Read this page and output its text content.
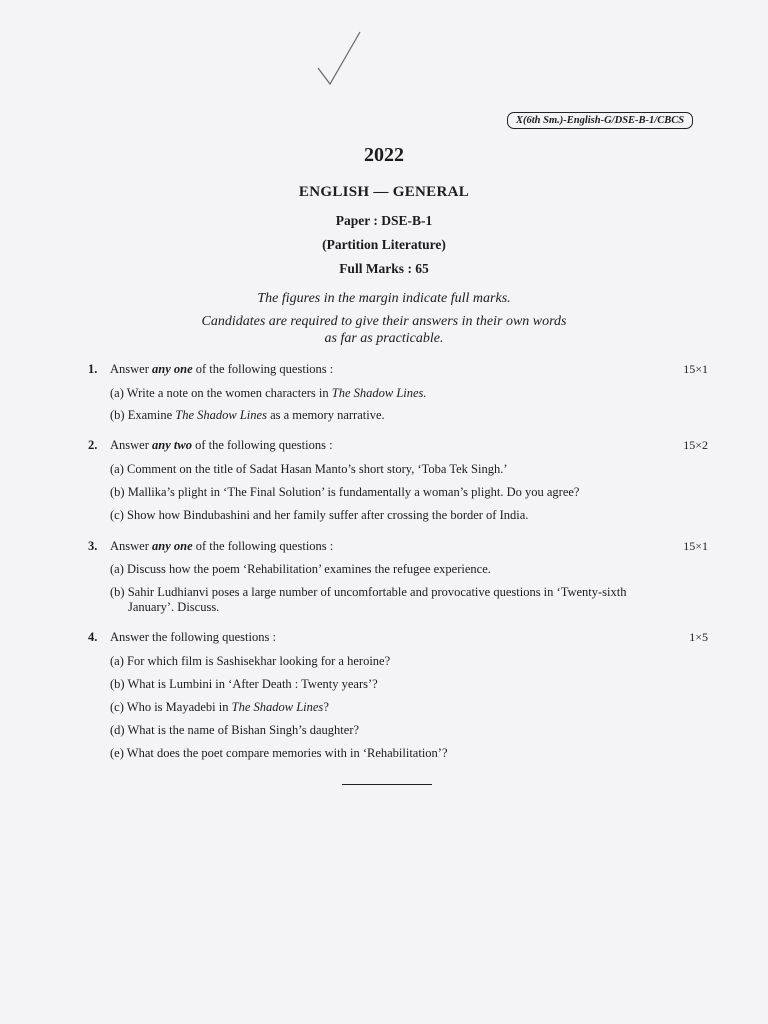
X(6th Sm.)-English-G/DSE-B-1/CBCS
2022
ENGLISH — GENERAL
Paper : DSE-B-1
(Partition Literature)
Full Marks : 65
The figures in the margin indicate full marks.
Candidates are required to give their answers in their own words
as far as practicable.
1. Answer any one of the following questions :	15×1
(a) Write a note on the women characters in The Shadow Lines.
(b) Examine The Shadow Lines as a memory narrative.
2. Answer any two of the following questions :	15×2
(a) Comment on the title of Sadat Hasan Manto’s short story, ‘Toba Tek Singh.’
(b) Mallika’s plight in ‘The Final Solution’ is fundamentally a woman’s plight. Do you agree?
(c) Show how Bindubashini and her family suffer after crossing the border of India.
3. Answer any one of the following questions :	15×1
(a) Discuss how the poem ‘Rehabilitation’ examines the refugee experience.
(b) Sahir Ludhianvi poses a large number of uncomfortable and provocative questions in ‘Twenty-sixth
January’. Discuss.
4. Answer the following questions :	1×5
(a) For which film is Sashisekhar looking for a heroine?
(b) What is Lumbini in ‘After Death : Twenty years’?
(c) Who is Mayadebi in The Shadow Lines?
(d) What is the name of Bishan Singh’s daughter?
(e) What does the poet compare memories with in ‘Rehabilitation’?
